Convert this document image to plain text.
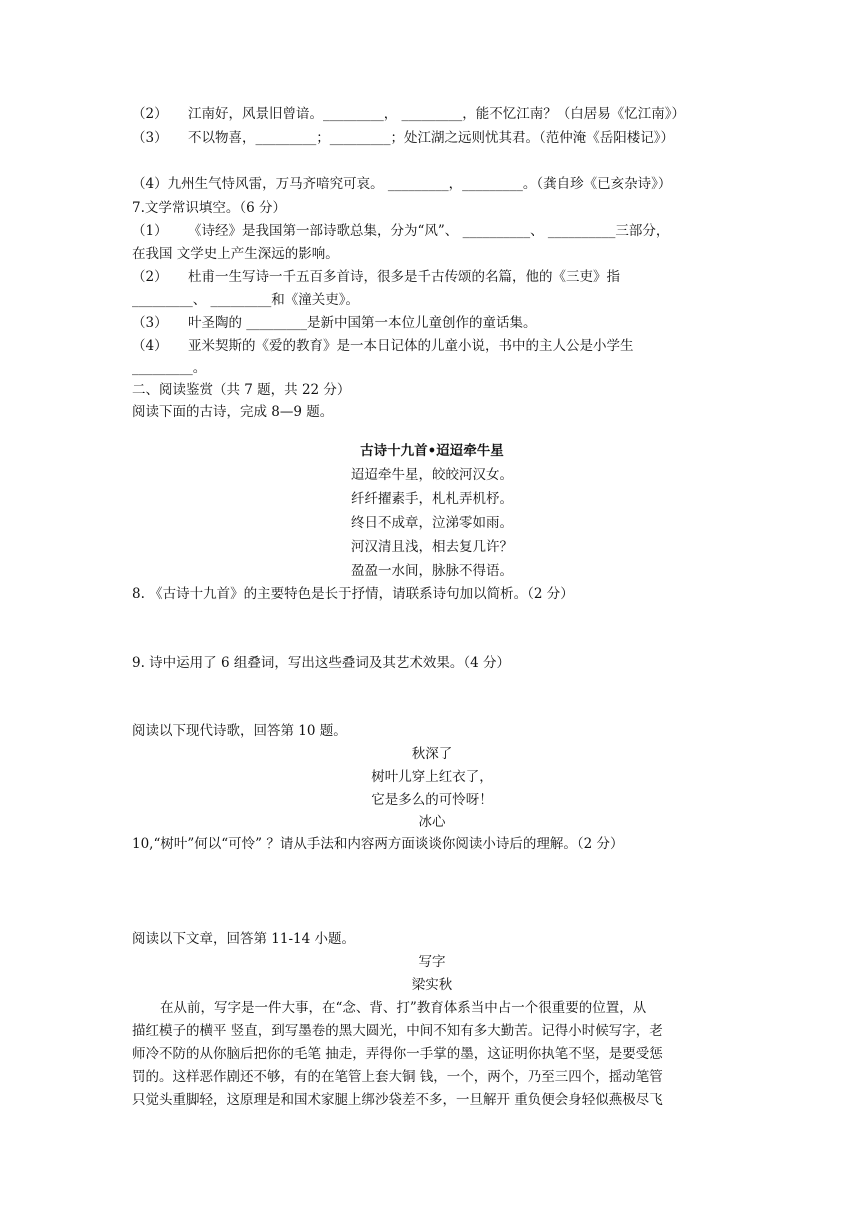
（2） 江南好，风景旧曾谙。_________， _________，能不忆江南？（白居易《忆江南》）
（3） 不以物喜，_________；_________；处江湖之远则忧其君。（范仲淹《岳阳楼记》）
（4）九州生气恃风雷，万马齐喑究可哀。 _________，_________。（龚自珍《已亥杂诗》）
7.文学常识填空。（6 分）
（1） 《诗经》是我国第一部诗歌总集，分为“风”、 __________、 __________三部分，
在我国 文学史上产生深远的影响。
（2） 杜甫一生写诗一千五百多首诗，很多是千古传颂的名篇，他的《三吏》指
_________、 _________和《潼关吏》。
（3） 叶圣陶的 _________是新中国第一本位儿童创作的童话集。
（4） 亚米契斯的《爱的教育》是一本日记体的儿童小说，书中的主人公是小学生
_________。
二、阅读鉴赏（共 7 题，共 22 分）
阅读下面的古诗，完成 8—9 题。
古诗十九首•迢迢牵牛星
迢迢牵牛星，皎皎河汉女。
纤纤擢素手，札札弄机杼。
终日不成章，泣涕零如雨。
河汉清且浅，相去复几许？
盈盈一水间，脉脉不得语。
8. 《古诗十九首》的主要特色是长于抒情，请联系诗句加以简析。（2 分）
9. 诗中运用了 6 组叠词，写出这些叠词及其艺术效果。（4 分）
阅读以下现代诗歌，回答第 10 题。
秋深了
树叶儿穿上红衣了，
它是多么的可怜呀！
冰心
10,“树叶”何以“可怜” ？请从手法和内容两方面谈谈你阅读小诗后的理解。（2 分）
阅读以下文章，回答第 11-14 小题。
写字
梁实秋
在从前，写字是一件大事，在“念、背、打”教育体系当中占一个很重要的位置，从
描红模子的横平 竖直，到写墨卷的黑大圆光，中间不知有多大勤苦。记得小时候写字，老
师冷不防的从你脑后把你的毛笔 抽走，弄得你一手掌的墨，这证明你执笔不坚，是要受惩
罚的。这样恶作剧还不够，有的在笔管上套大铜 钱，一个，两个，乃至三四个，摇动笔管
只觉头重脚轻，这原理是和国术家腿上绑沙袋差不多，一旦解开 重负便会身轻似燕极尽飞
